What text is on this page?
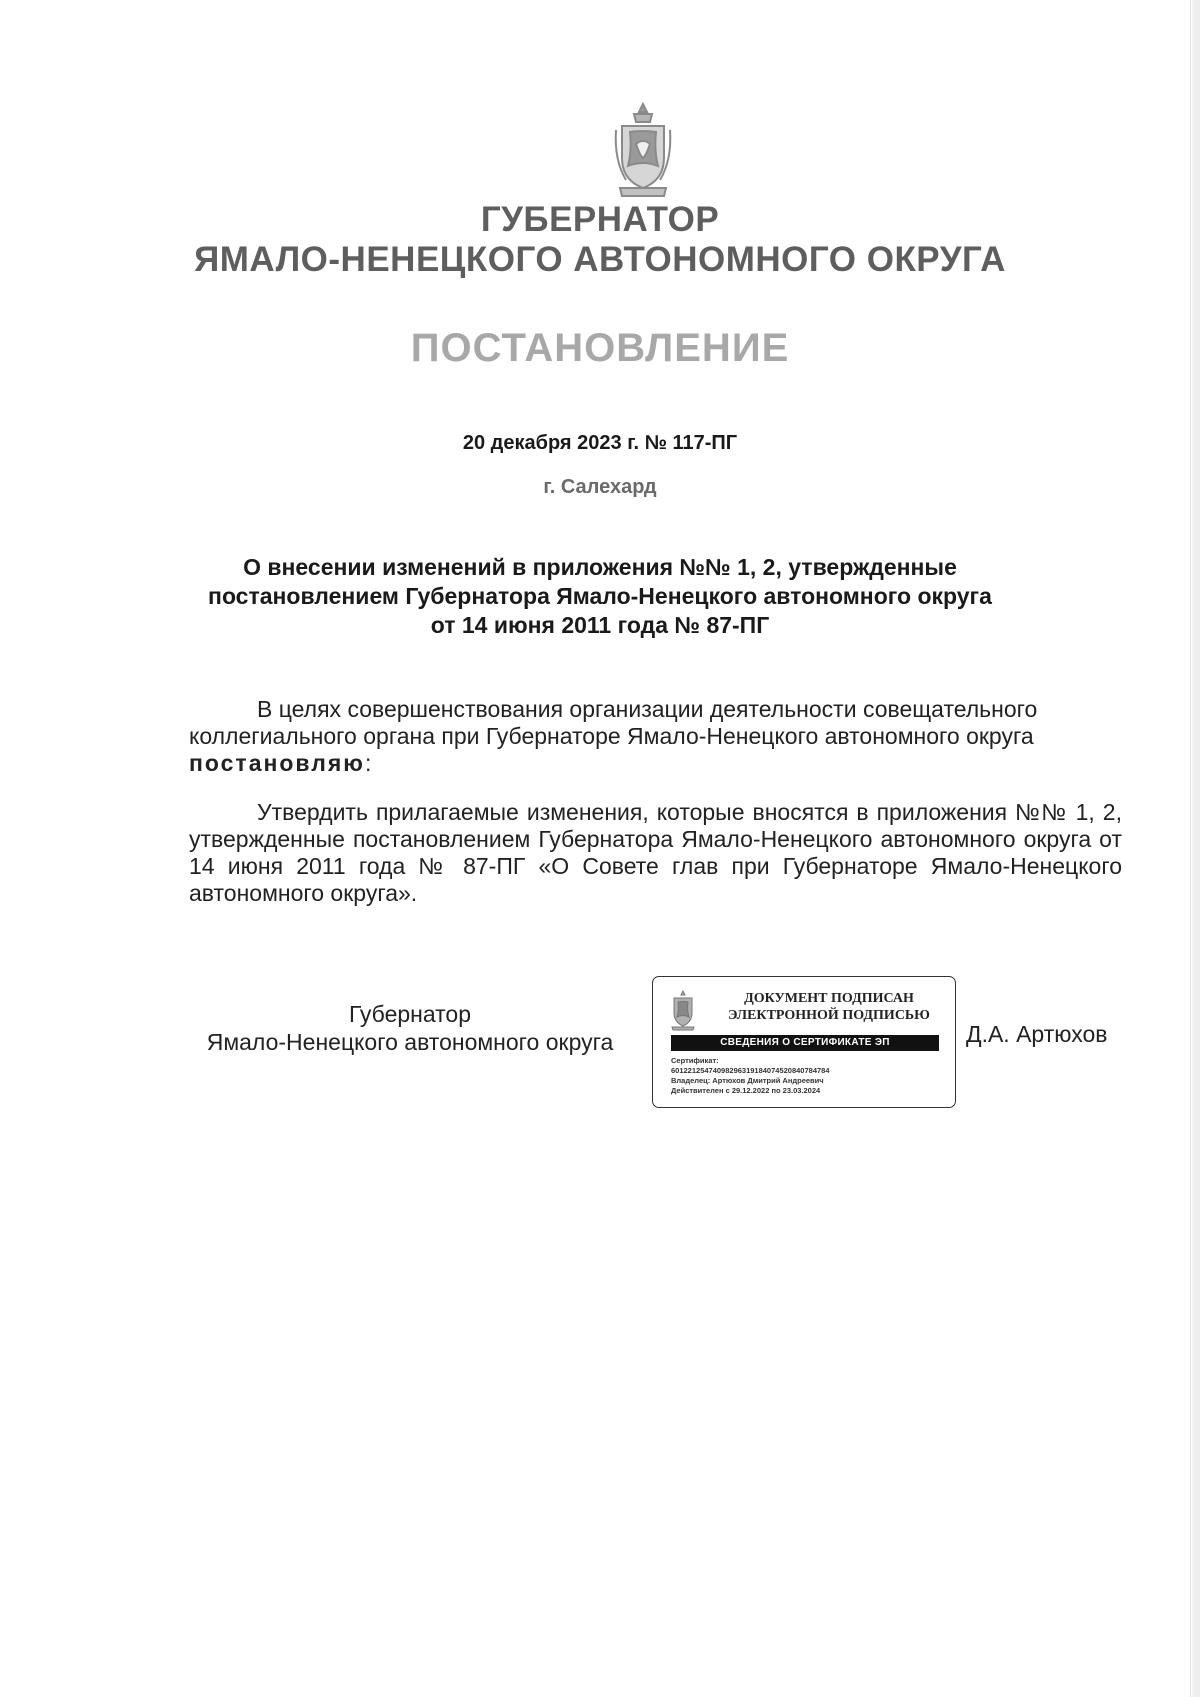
ГУБЕРНАТОР
ЯМАЛО-НЕНЕЦКОГО АВТОНОМНОГО ОКРУГА
ПОСТАНОВЛЕНИЕ
20 декабря 2023 г. № 117-ПГ
г. Салехард
О внесении изменений в приложения №№ 1, 2, утвержденные
постановлением Губернатора Ямало-Ненецкого автономного округа
от 14 июня 2011 года № 87-ПГ
В целях совершенствования организации деятельности совещательного коллегиального органа при Губернаторе Ямало-Ненецкого автономного округа постановляю:
Утвердить прилагаемые изменения, которые вносятся в приложения №№ 1, 2, утвержденные постановлением Губернатора Ямало-Ненецкого автономного округа от 14 июня 2011 года № 87-ПГ «О Совете глав при Губернаторе Ямало-Ненецкого автономного округа».
Губернатор
Ямало-Ненецкого автономного округа
ДОКУМЕНТ ПОДПИСАН
ЭЛЕКТРОННОЙ ПОДПИСЬЮ
СВЕДЕНИЯ О СЕРТИФИКАТЕ ЭП
Сертификат:
60122125474098296319184074520840784784
Владелец: Артюхов Дмитрий Андреевич
Действителен с 29.12.2022 по 23.03.2024
Д.А. Артюхов
